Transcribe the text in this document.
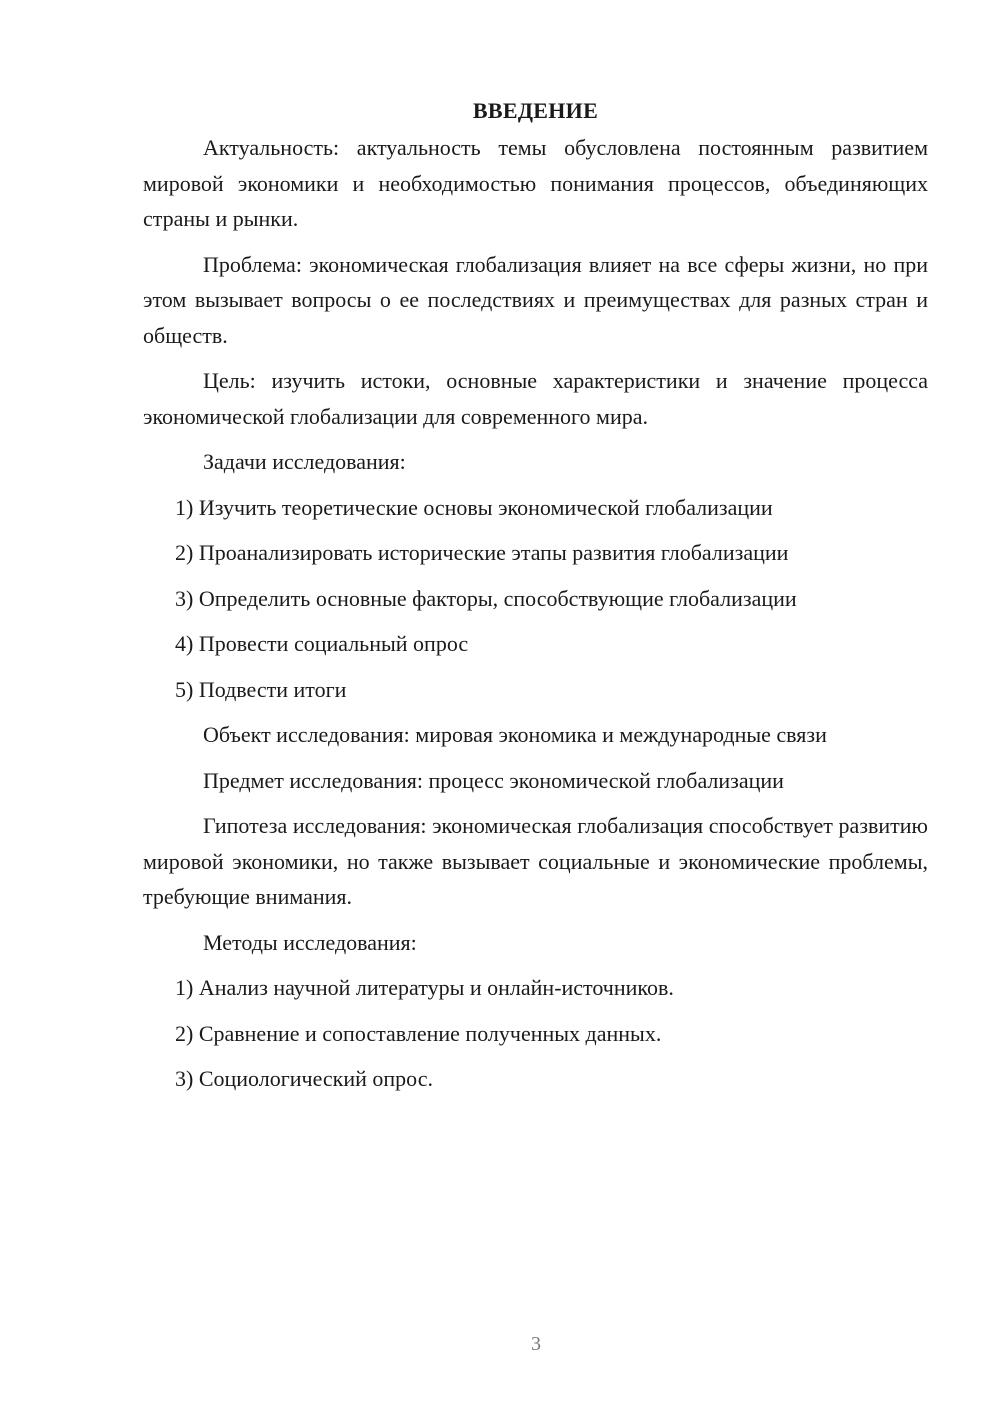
ВВЕДЕНИЕ

Актуальность: актуальность темы обусловлена постоянным развитием мировой экономики и необходимостью понимания процессов, объединяющих страны и рынки.

Проблема: экономическая глобализация влияет на все сферы жизни, но при этом вызывает вопросы о ее последствиях и преимуществах для разных стран и обществ.

Цель: изучить истоки, основные характеристики и значение процесса экономической глобализации для современного мира.

Задачи исследования:

1) Изучить теоретические основы экономической глобализации

2) Проанализировать исторические этапы развития глобализации

3) Определить основные факторы, способствующие глобализации

4) Провести социальный опрос

5) Подвести итоги

Объект исследования: мировая экономика и международные связи

Предмет исследования: процесс экономической глобализации

Гипотеза исследования: экономическая глобализация способствует развитию мировой экономики, но также вызывает социальные и экономические проблемы, требующие внимания.

Методы исследования:

1) Анализ научной литературы и онлайн-источников.

2) Сравнение и сопоставление полученных данных.

3) Социологический опрос.

3
